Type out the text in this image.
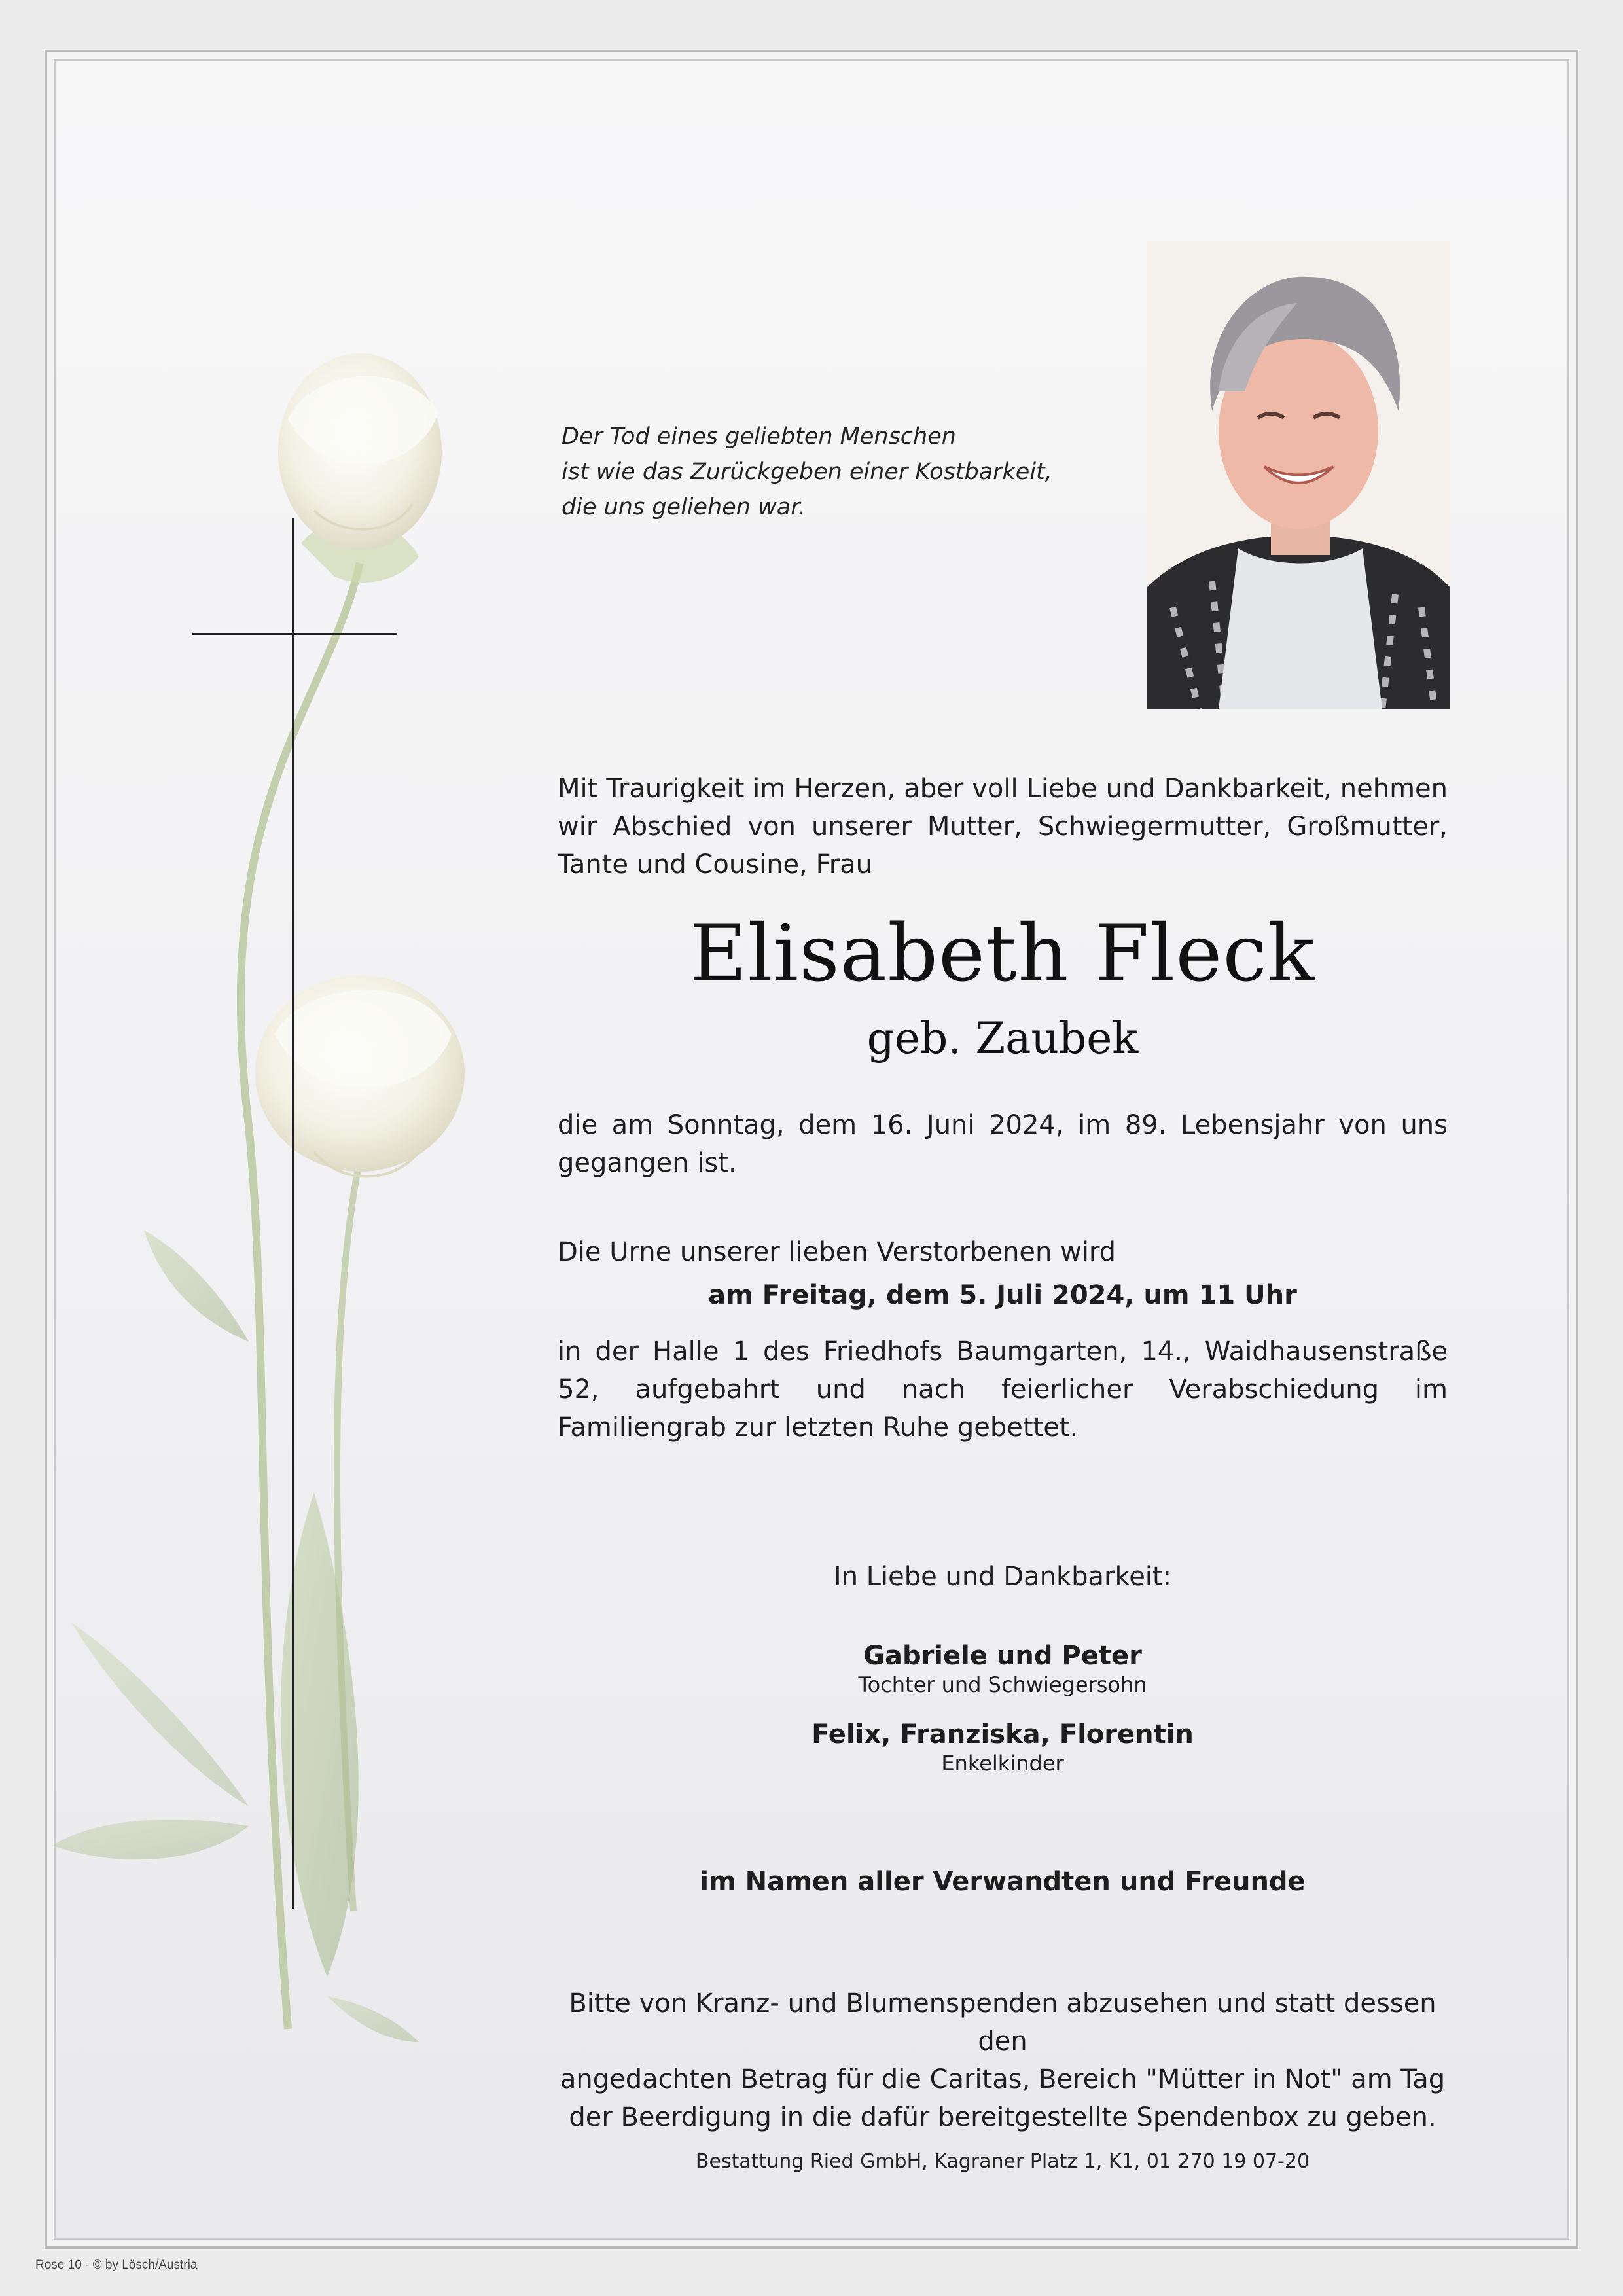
Der Tod eines geliebten Menschen
ist wie das Zurückgeben einer Kostbarkeit,
die uns geliehen war.
Mit Traurigkeit im Herzen, aber voll Liebe und Dankbarkeit, nehmen wir Abschied von unserer Mutter, Schwiegermutter, Großmutter, Tante und Cousine, Frau
Elisabeth Fleck
geb. Zaubek
die am Sonntag, dem 16. Juni 2024, im 89. Lebensjahr von uns gegangen ist.
Die Urne unserer lieben Verstorbenen wird
am Freitag, dem 5. Juli 2024, um 11 Uhr
in der Halle 1 des Friedhofs Baumgarten, 14., Waidhausenstraße 52, aufgebahrt und nach feierlicher Verabschiedung im Familiengrab zur letzten Ruhe gebettet.
In Liebe und Dankbarkeit:
Gabriele und Peter
Tochter und Schwiegersohn
Felix, Franziska, Florentin
Enkelkinder
im Namen aller Verwandten und Freunde
Bitte von Kranz- und Blumenspenden abzusehen und statt dessen den
angedachten Betrag für die Caritas, Bereich "Mütter in Not" am Tag
der Beerdigung in die dafür bereitgestellte Spendenbox zu geben.
Bestattung Ried GmbH, Kagraner Platz 1, K1, 01 270 19 07-20
Rose 10 - © by Lösch/Austria
